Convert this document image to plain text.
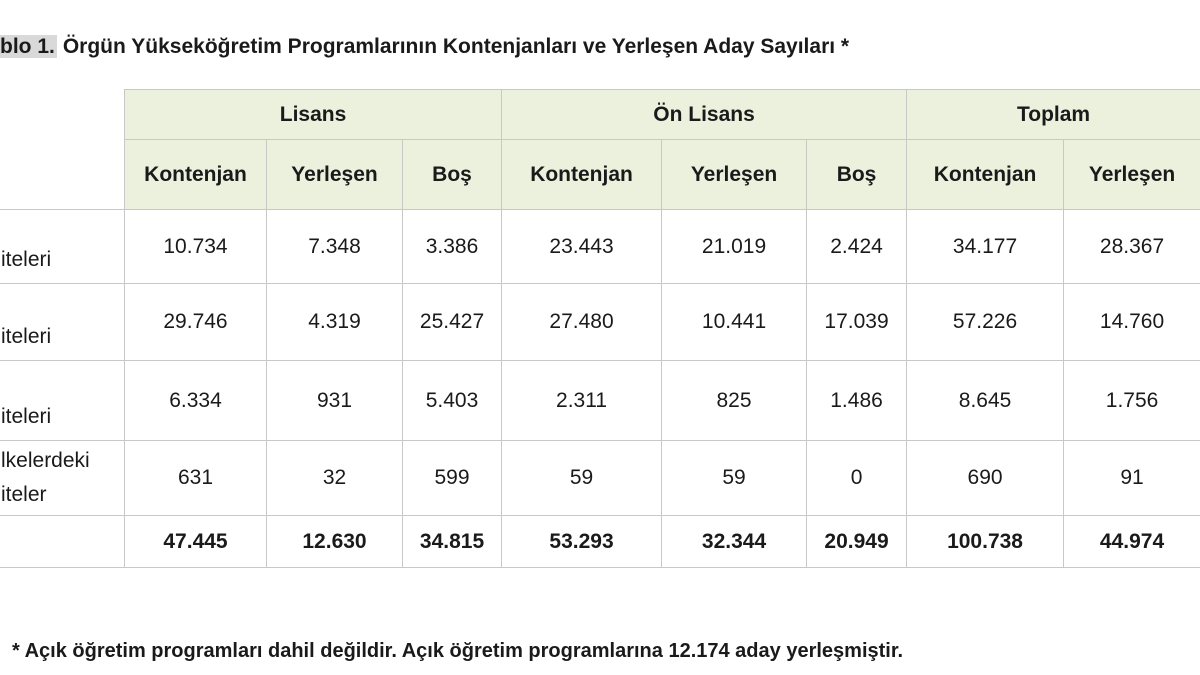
blo 1. Örgün Yükseköğretim Programlarının Kontenjanları ve Yerleşen Aday Sayıları *
	Lisans			Ön Lisans			Toplam	
	Kontenjan	Yerleşen	Boş	Kontenjan	Yerleşen	Boş	Kontenjan	Yerleşen
iteleri	10.734	7.348	3.386	23.443	21.019	2.424	34.177	28.367
iteleri	29.746	4.319	25.427	27.480	10.441	17.039	57.226	14.760
iteleri	6.334	931	5.403	2.311	825	1.486	8.645	1.756
lkelerdeki iteler	631	32	599	59	59	0	690	91
	47.445	12.630	34.815	53.293	32.344	20.949	100.738	44.974
* Açık öğretim programları dahil değildir. Açık öğretim programlarına 12.174 aday yerleşmiştir.
